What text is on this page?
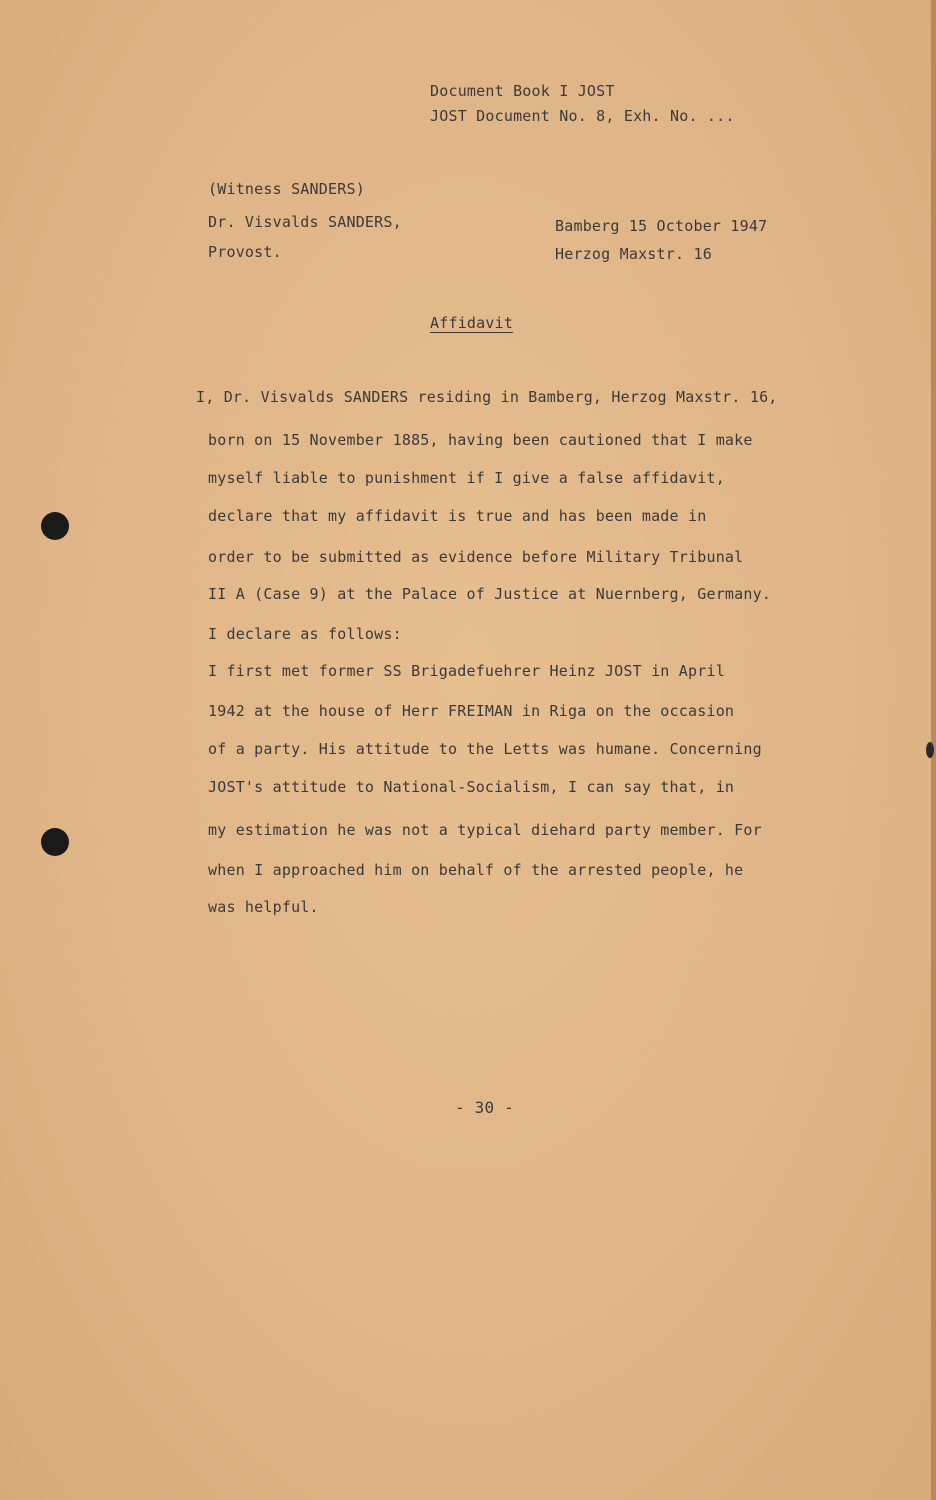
Document Book I JOST
JOST Document No. 8, Exh. No. ...
(Witness SANDERS)
Dr. Visvalds SANDERS,
Provost.
Bamberg 15 October 1947
Herzog Maxstr. 16
Affidavit
I, Dr. Visvalds SANDERS residing in Bamberg, Herzog Maxstr. 16,
born on 15 November 1885, having been cautioned that I make
myself liable to punishment if I give a false affidavit,
declare that my affidavit is true and has been made in
order to be submitted as evidence before Military Tribunal
II A (Case 9) at the Palace of Justice at Nuernberg, Germany.
I declare as follows:
I first met former SS Brigadefuehrer Heinz JOST in April
1942 at the house of Herr FREIMAN in Riga on the occasion
of a party. His attitude to the Letts was humane. Concerning
JOST's attitude to National-Socialism, I can say that, in
my estimation he was not a typical diehard party member. For
when I approached him on behalf of the arrested people, he
was helpful.
- 30 -
